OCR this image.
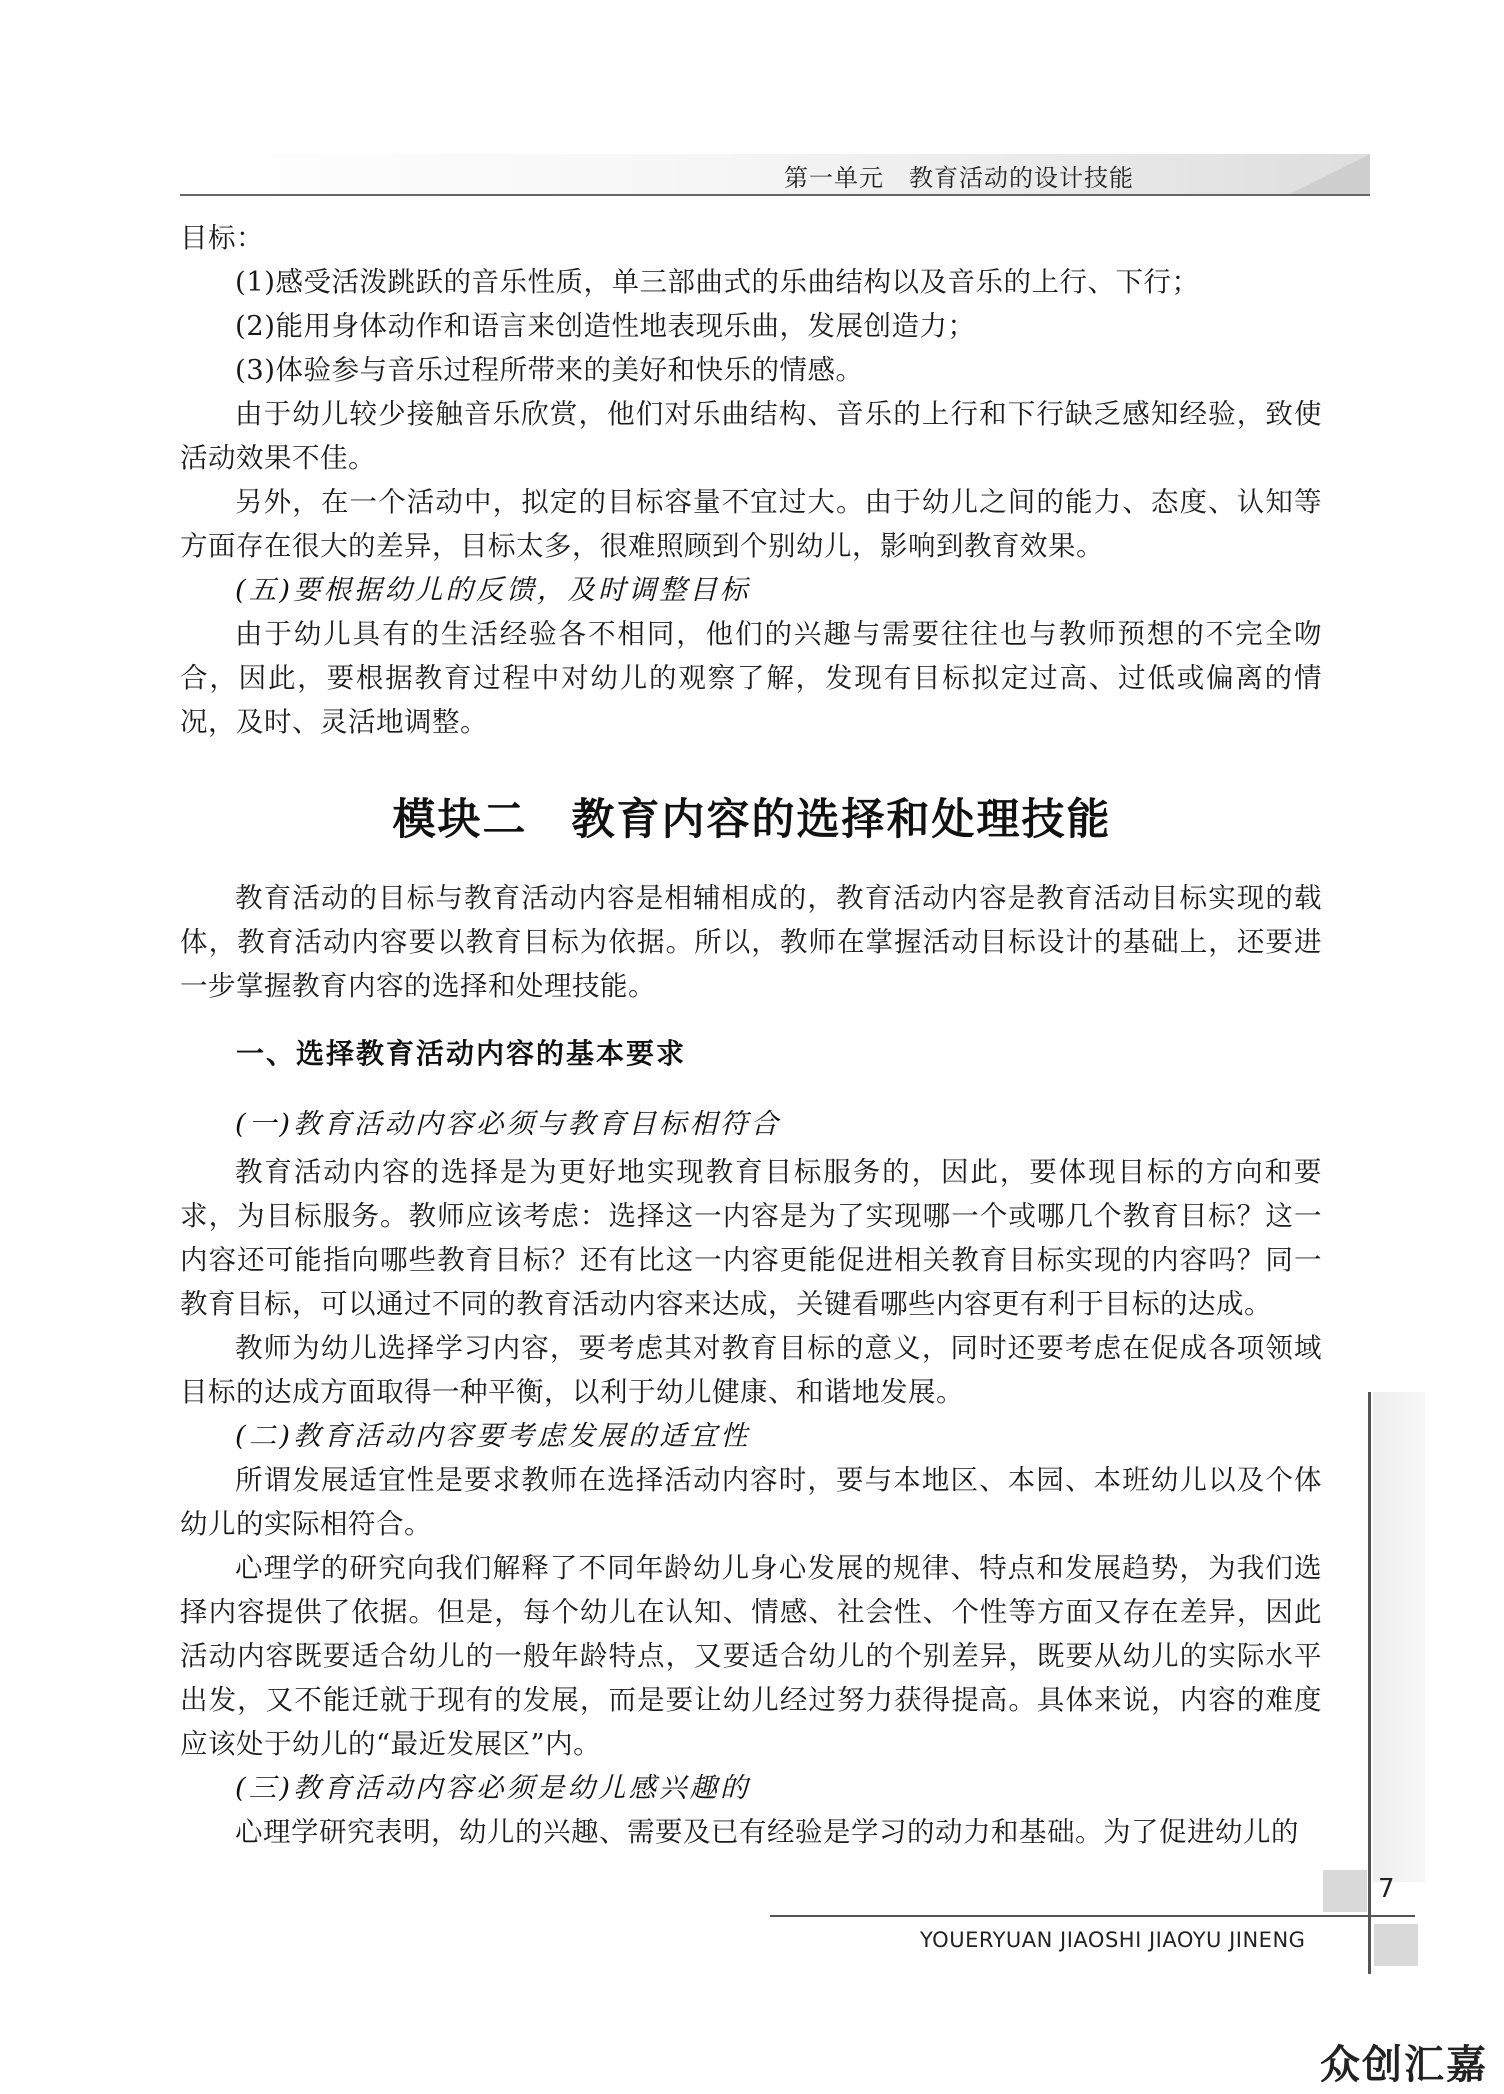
第一单元　教育活动的设计技能

目标：

(1)感受活泼跳跃的音乐性质，单三部曲式的乐曲结构以及音乐的上行、下行；

(2)能用身体动作和语言来创造性地表现乐曲，发展创造力；

(3)体验参与音乐过程所带来的美好和快乐的情感。

由于幼儿较少接触音乐欣赏，他们对乐曲结构、音乐的上行和下行缺乏感知经验，致使活动效果不佳。

另外，在一个活动中，拟定的目标容量不宜过大。由于幼儿之间的能力、态度、认知等方面存在很大的差异，目标太多，很难照顾到个别幼儿，影响到教育效果。

(五)要根据幼儿的反馈，及时调整目标

由于幼儿具有的生活经验各不相同，他们的兴趣与需要往往也与教师预想的不完全吻合，因此，要根据教育过程中对幼儿的观察了解，发现有目标拟定过高、过低或偏离的情况，及时、灵活地调整。

模块二 教育内容的选择和处理技能

教育活动的目标与教育活动内容是相辅相成的，教育活动内容是教育活动目标实现的载体，教育活动内容要以教育目标为依据。所以，教师在掌握活动目标设计的基础上，还要进一步掌握教育内容的选择和处理技能。

一、选择教育活动内容的基本要求

(一)教育活动内容必须与教育目标相符合

教育活动内容的选择是为更好地实现教育目标服务的，因此，要体现目标的方向和要求，为目标服务。教师应该考虑：选择这一内容是为了实现哪一个或哪几个教育目标？这一内容还可能指向哪些教育目标？还有比这一内容更能促进相关教育目标实现的内容吗？同一教育目标，可以通过不同的教育活动内容来达成，关键看哪些内容更有利于目标的达成。

教师为幼儿选择学习内容，要考虑其对教育目标的意义，同时还要考虑在促成各项领域目标的达成方面取得一种平衡，以利于幼儿健康、和谐地发展。

(二)教育活动内容要考虑发展的适宜性

所谓发展适宜性是要求教师在选择活动内容时，要与本地区、本园、本班幼儿以及个体幼儿的实际相符合。

心理学的研究向我们解释了不同年龄幼儿身心发展的规律、特点和发展趋势，为我们选择内容提供了依据。但是，每个幼儿在认知、情感、社会性、个性等方面又存在差异，因此活动内容既要适合幼儿的一般年龄特点，又要适合幼儿的个别差异，既要从幼儿的实际水平出发，又不能迁就于现有的发展，而是要让幼儿经过努力获得提高。具体来说，内容的难度应该处于幼儿的“最近发展区”内。

(三)教育活动内容必须是幼儿感兴趣的

心理学研究表明，幼儿的兴趣、需要及已有经验是学习的动力和基础。为了促进幼儿的

7
YOUERYUAN JIAOSHI JIAOYU JINENG
众创汇嘉
